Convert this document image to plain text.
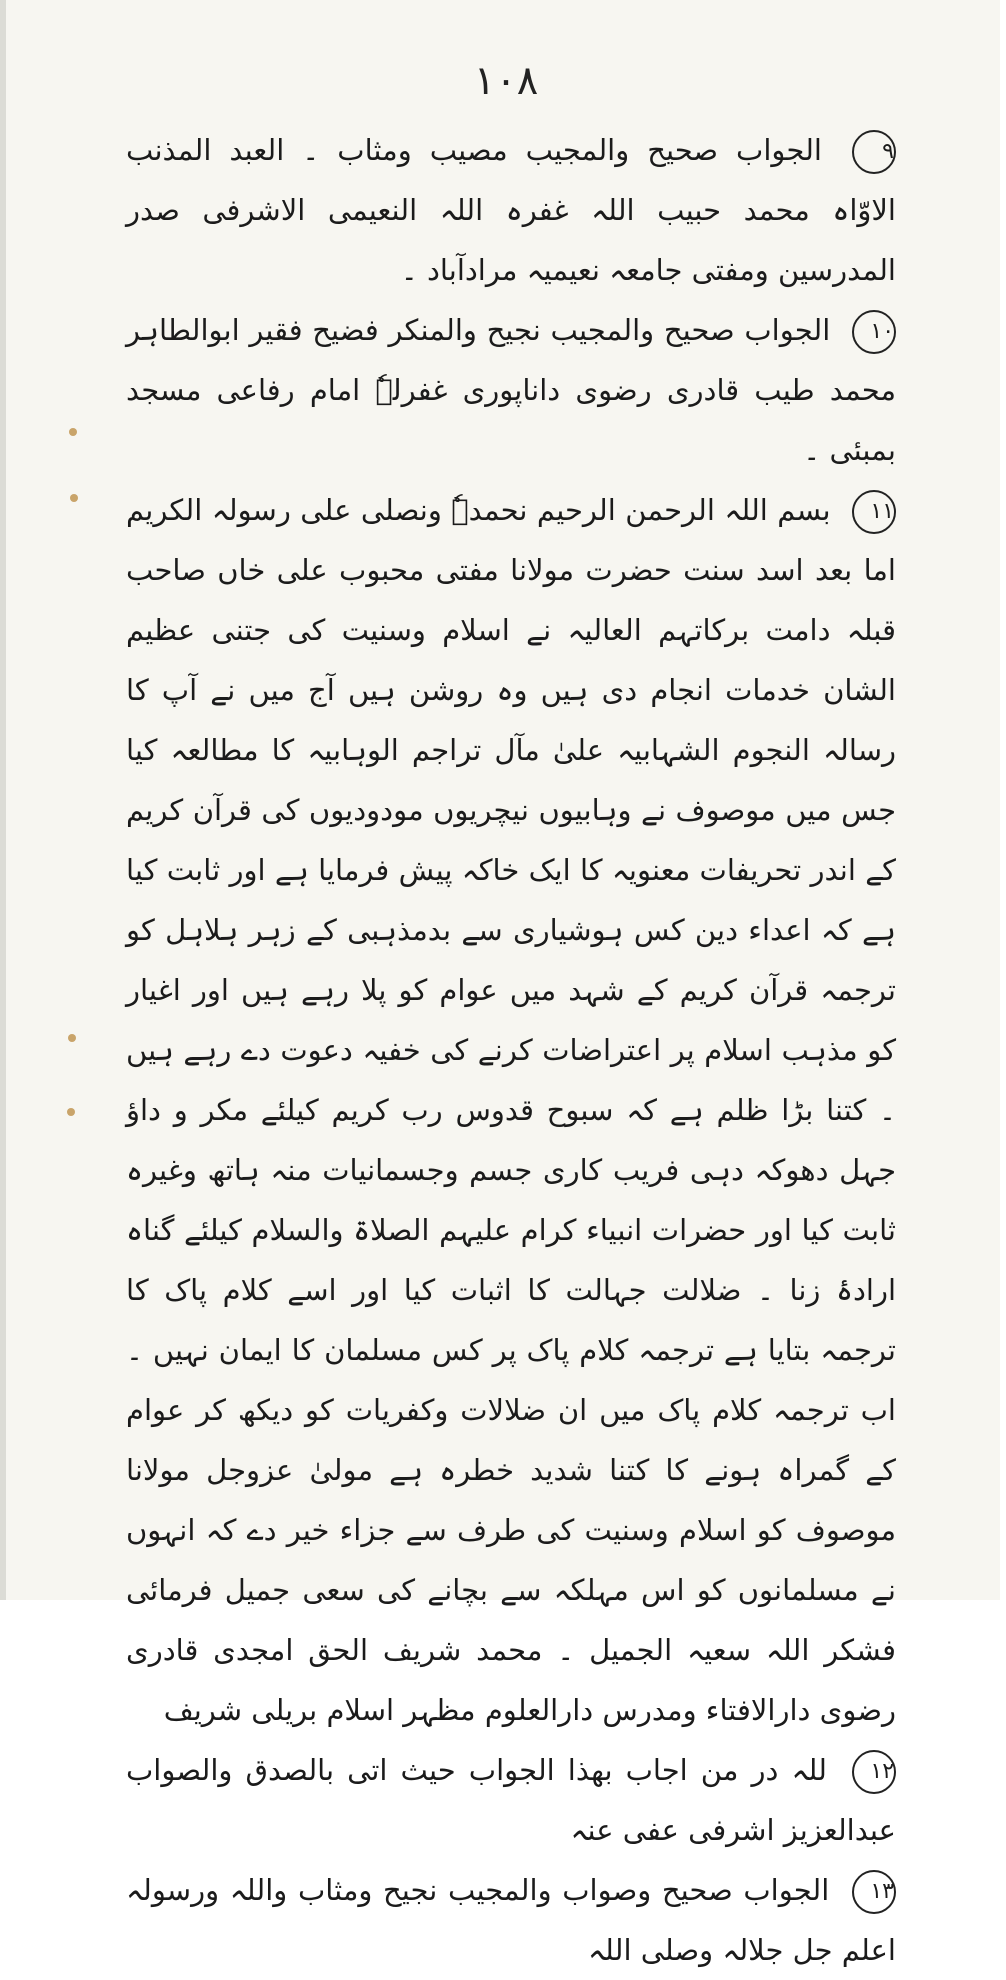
١٠٨

٩ الجواب صحیح والمجیب مصیب ومثاب ۔ العبد المذنب الاوّاہ محمد حبیب اللہ غفرہ اللہ النعیمی الاشرفی صدر المدرسین ومفتی جامعہ نعیمیہ مرادآباد ۔

١٠ الجواب صحیح والمجیب نجیح والمنکر فضیح فقیر ابوالطاہر محمد طیب قادری رضوی داناپوری غفرلہٗ امام رفاعی مسجد بمبئی ۔

١١ بسم اللہ الرحمن الرحیم نحمدہٗ ونصلی علی رسولہ الکریم اما بعد اسد سنت حضرت مولانا مفتی محبوب علی خاں صاحب قبلہ دامت برکاتہم العالیہ نے اسلام وسنیت کی جتنی عظیم الشان خدمات انجام دی ہیں وہ روشن ہیں آج میں نے آپ کا رسالہ النجوم الشہابیہ علیٰ مآل تراجم الوہابیہ کا مطالعہ کیا جس میں موصوف نے وہابیوں نیچریوں مودودیوں کی قرآن کریم کے اندر تحریفات معنویہ کا ایک خاکہ پیش فرمایا ہے اور ثابت کیا ہے کہ اعداء دین کس ہوشیاری سے بدمذہبی کے زہر ہلاہل کو ترجمہ قرآن کریم کے شہد میں عوام کو پلا رہے ہیں اور اغیار کو مذہب اسلام پر اعتراضات کرنے کی خفیہ دعوت دے رہے ہیں ۔ کتنا بڑا ظلم ہے کہ سبوح قدوس رب کریم کیلئے مکر و داؤ جہل دھوکہ دہی فریب کاری جسم وجسمانیات منہ ہاتھ وغیرہ ثابت کیا اور حضرات انبیاء کرام علیہم الصلاۃ والسلام کیلئے گناہ ارادۂ زنا ۔ ضلالت جہالت کا اثبات کیا اور اسے کلام پاک کا ترجمہ بتایا ہے ترجمہ کلام پاک پر کس مسلمان کا ایمان نہیں ۔ اب ترجمہ کلام پاک میں ان ضلالات وکفریات کو دیکھ کر عوام کے گمراہ ہونے کا کتنا شدید خطرہ ہے مولیٰ عزوجل مولانا موصوف کو اسلام وسنیت کی طرف سے جزاء خیر دے کہ انہوں نے مسلمانوں کو اس مہلکہ سے بچانے کی سعی جمیل فرمائی فشکر اللہ سعیہ الجمیل ۔ محمد شریف الحق امجدی قادری رضوی دارالافتاء ومدرس دارالعلوم مظہر اسلام بریلی شریف

١٢ للہ در من اجاب بھذا الجواب حیث اتی بالصدق والصواب عبدالعزیز اشرفی عفی عنہ

١٣ الجواب صحیح وصواب والمجیب نجیح ومثاب واللہ ورسولہ اعلم جل جلالہ وصلی اللہ
